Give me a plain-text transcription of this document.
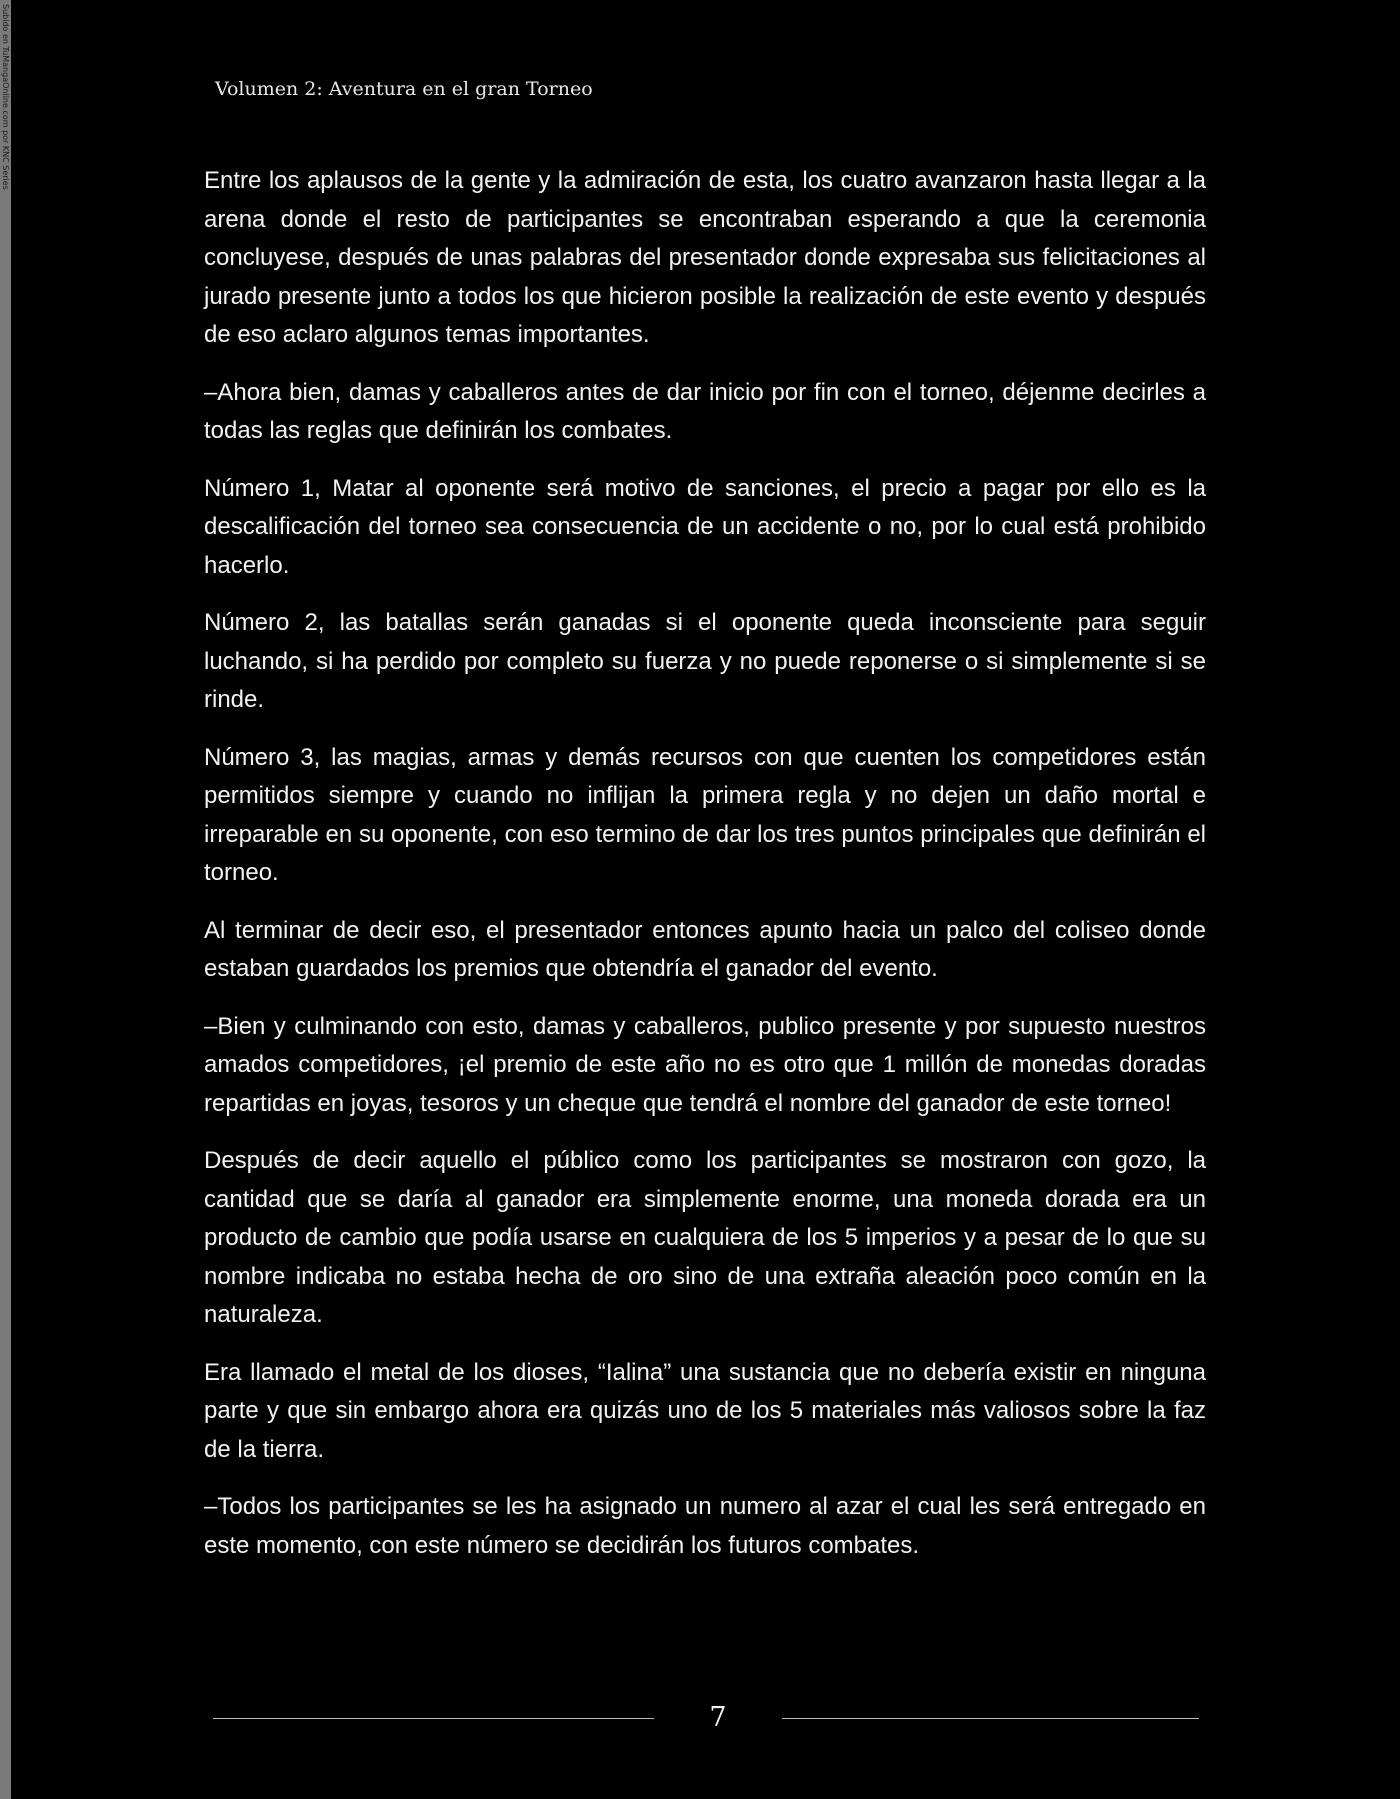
Subido en TuMangaOnline.com por KNC Series	Volumen 2: Aventura en el gran Torneo

Entre los aplausos de la gente y la admiración de esta, los cuatro avanzaron hasta llegar a la arena donde el resto de participantes se encontraban esperando a que la ceremonia concluyese, después de unas palabras del presentador donde expresaba sus felicitaciones al jurado presente junto a todos los que hicieron posible la realización de este evento y después de eso aclaro algunos temas importantes.

–Ahora bien, damas y caballeros antes de dar inicio por fin con el torneo, déjenme decirles a todas las reglas que definirán los combates.

Número 1, Matar al oponente será motivo de sanciones, el precio a pagar por ello es la descalificación del torneo sea consecuencia de un accidente o no, por lo cual está prohibido hacerlo.

Número 2, las batallas serán ganadas si el oponente queda inconsciente para seguir luchando, si ha perdido por completo su fuerza y no puede reponerse o si simplemente si se rinde.

Número 3, las magias, armas y demás recursos con que cuenten los competidores están permitidos siempre y cuando no inflijan la primera regla y no dejen un daño mortal e irreparable en su oponente, con eso termino de dar los tres puntos principales que definirán el torneo.

Al terminar de decir eso, el presentador entonces apunto hacia un palco del coliseo donde estaban guardados los premios que obtendría el ganador del evento.

–Bien y culminando con esto, damas y caballeros, publico presente y por supuesto nuestros amados competidores, ¡el premio de este año no es otro que 1 millón de monedas doradas repartidas en joyas, tesoros y un cheque que tendrá el nombre del ganador de este torneo!

Después de decir aquello el público como los participantes se mostraron con gozo, la cantidad que se daría al ganador era simplemente enorme, una moneda dorada era un producto de cambio que podía usarse en cualquiera de los 5 imperios y a pesar de lo que su nombre indicaba no estaba hecha de oro sino de una extraña aleación poco común en la naturaleza.

Era llamado el metal de los dioses, “Ialina” una sustancia que no debería existir en ninguna parte y que sin embargo ahora era quizás uno de los 5 materiales más valiosos sobre la faz de la tierra.

–Todos los participantes se les ha asignado un numero al azar el cual les será entregado en este momento, con este número se decidirán los futuros combates.

7
